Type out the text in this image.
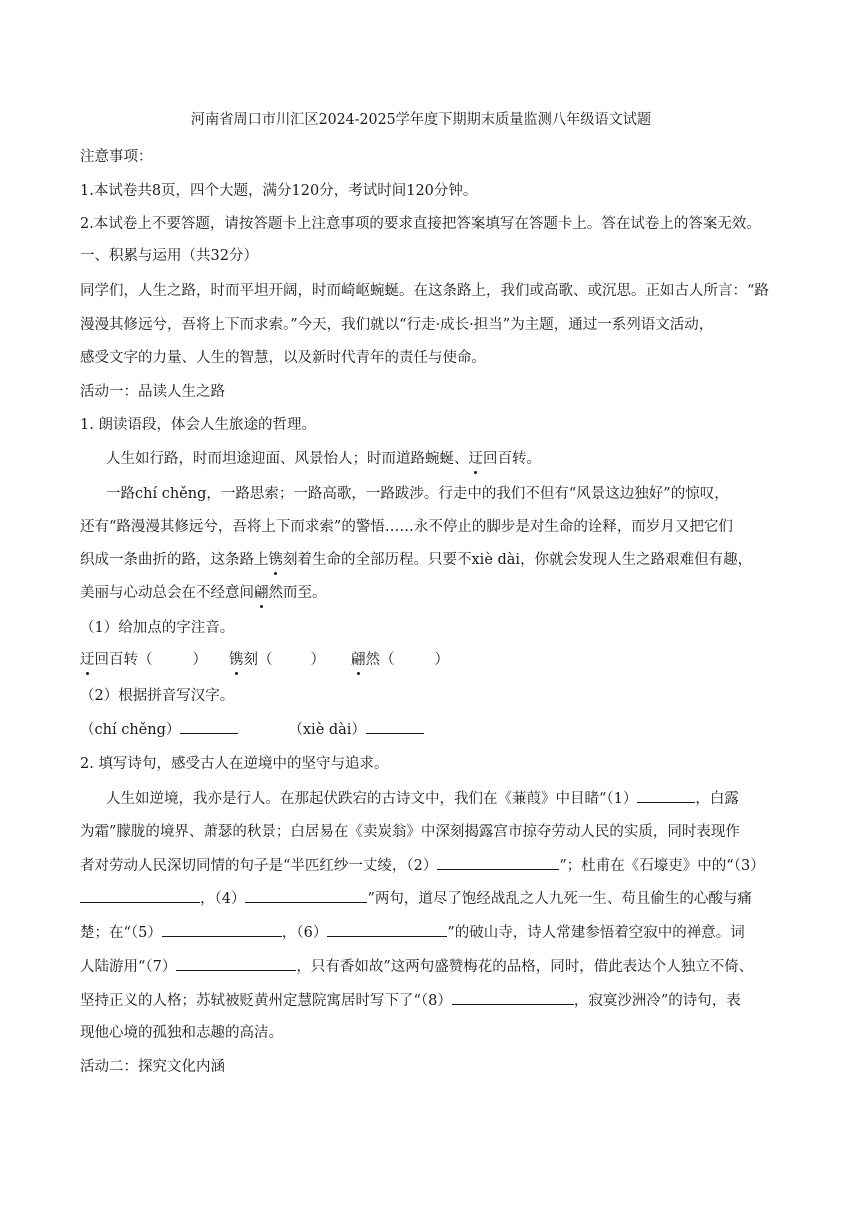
河南省周口市川汇区2024-2025学年度下期期末质量监测八年级语文试题
注意事项：
1.本试卷共8页，四个大题，满分120分，考试时间120分钟。
2.本试卷上不要答题，请按答题卡上注意事项的要求直接把答案填写在答题卡上。答在试卷上的答案无效。
一、积累与运用（共32分）
同学们，人生之路，时而平坦开阔，时而崎岖蜿蜒。在这条路上，我们或高歌、或沉思。正如古人所言：“路
漫漫其修远兮，吾将上下而求索。”今天，我们就以“行走·成长·担当”为主题，通过一系列语文活动，
感受文字的力量、人生的智慧，以及新时代青年的责任与使命。
活动一：品读人生之路
1. 朗读语段，体会人生旅途的哲理。
人生如行路，时而坦途迎面、风景怡人；时而道路蜿蜒、迂回百转。
一路chí chěng，一路思索；一路高歌，一路跋涉。行走中的我们不但有“风景这边独好”的惊叹，
还有“路漫漫其修远兮，吾将上下而求索”的警悟……永不停止的脚步是对生命的诠释，而岁月又把它们
织成一条曲折的路，这条路上镌刻着生命的全部历程。只要不xiè dài，你就会发现人生之路艰难但有趣，
美丽与心动总会在不经意间翩然而至。
（1）给加点的字注音。
迂回百转（	） 镌刻（	） 翩然（	）
（2）根据拼音写汉字。
（chí chěng）	（xiè dài）
2. 填写诗句，感受古人在逆境中的坚守与追求。
人生如逆境，我亦是行人。在那起伏跌宕的古诗文中，我们在《蒹葭》中目睹“（1）	，白露
为霜”朦胧的境界、萧瑟的秋景；白居易在《卖炭翁》中深刻揭露宫市掠夺劳动人民的实质，同时表现作
者对劳动人民深切同情的句子是“半匹红纱一丈绫，（2）	”；杜甫在《石壕吏》中的“（3）
，（4）	”两句，道尽了饱经战乱之人九死一生、苟且偷生的心酸与痛
楚；在“（5）	，（6）	”的破山寺，诗人常建参悟着空寂中的禅意。词
人陆游用“（7）	，只有香如故”这两句盛赞梅花的品格，同时，借此表达个人独立不倚、
坚持正义的人格；苏轼被贬黄州定慧院寓居时写下了“（8）	，寂寞沙洲冷”的诗句，表
现他心境的孤独和志趣的高洁。
活动二：探究文化内涵
